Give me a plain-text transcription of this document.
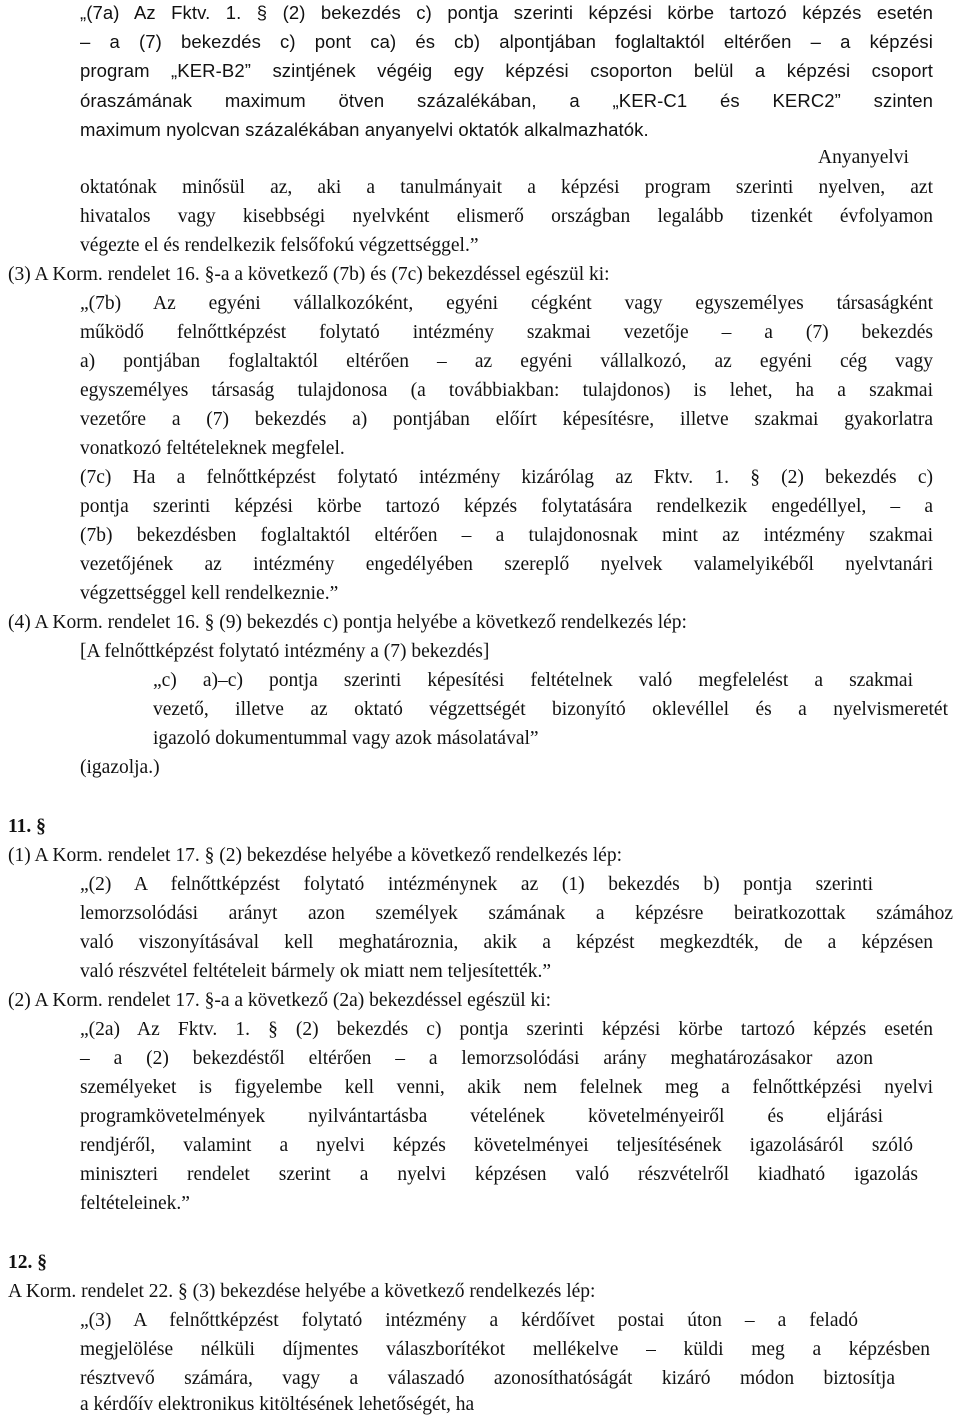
„(7a) Az Fktv. 1. § (2) bekezdés c) pontja szerinti képzési körbe tartozó képzés esetén
– a (7) bekezdés c) pont ca) és cb) alpontjában foglaltaktól eltérően – a képzési
program „KER-B2” szintjének végéig egy képzési csoporton belül a képzési csoport
óraszámának maximum ötven százalékában, a „KER-C1 és KERC2” szinten
maximum nyolcvan százalékában anyanyelvi oktatók alkalmazhatók.
Anyanyelvi
oktatónak minősül az, aki a tanulmányait a képzési program szerinti nyelven, azt
hivatalos vagy kisebbségi nyelvként elismerő országban legalább tizenkét évfolyamon
végezte el és rendelkezik felsőfokú végzettséggel.”
(3) A Korm. rendelet 16. §-a a következő (7b) és (7c) bekezdéssel egészül ki:
„(7b) Az egyéni vállalkozóként, egyéni cégként vagy egyszemélyes társaságként
működő felnőttképzést folytató intézmény szakmai vezetője – a (7) bekezdés
a) pontjában foglaltaktól eltérően – az egyéni vállalkozó, az egyéni cég vagy
egyszemélyes társaság tulajdonosa (a továbbiakban: tulajdonos) is lehet, ha a szakmai
vezetőre a (7) bekezdés a) pontjában előírt képesítésre, illetve szakmai gyakorlatra
vonatkozó feltételeknek megfelel.
(7c) Ha a felnőttképzést folytató intézmény kizárólag az Fktv. 1. § (2) bekezdés c)
pontja szerinti képzési körbe tartozó képzés folytatására rendelkezik engedéllyel, – a
(7b) bekezdésben foglaltaktól eltérően – a tulajdonosnak mint az intézmény szakmai
vezetőjének az intézmény engedélyében szereplő nyelvek valamelyikéből nyelvtanári
végzettséggel kell rendelkeznie.”
(4) A Korm. rendelet 16. § (9) bekezdés c) pontja helyébe a következő rendelkezés lép:
[A felnőttképzést folytató intézmény a (7) bekezdés]
„c) a)–c) pontja szerinti képesítési feltételnek való megfelelést a szakmai
vezető, illetve az oktató végzettségét bizonyító oklevéllel és a nyelvismeretét
igazoló dokumentummal vagy azok másolatával”
(igazolja.)
11. §
(1) A Korm. rendelet 17. § (2) bekezdése helyébe a következő rendelkezés lép:
„(2) A felnőttképzést folytató intézménynek az (1) bekezdés b) pontja szerinti
lemorzsolódási arányt azon személyek számának a képzésre beiratkozottak számához
való viszonyításával kell meghatároznia, akik a képzést megkezdték, de a képzésen
való részvétel feltételeit bármely ok miatt nem teljesítették.”
(2) A Korm. rendelet 17. §-a a következő (2a) bekezdéssel egészül ki:
„(2a) Az Fktv. 1. § (2) bekezdés c) pontja szerinti képzési körbe tartozó képzés esetén
– a (2) bekezdéstől eltérően – a lemorzsolódási arány meghatározásakor azon
személyeket is figyelembe kell venni, akik nem felelnek meg a felnőttképzési nyelvi
programkövetelmények nyilvántartásba vételének követelményeiről és eljárási
rendjéről, valamint a nyelvi képzés követelményei teljesítésének igazolásáról szóló
miniszteri rendelet szerint a nyelvi képzésen való részvételről kiadható igazolás
feltételeinek.”
12. §
A Korm. rendelet 22. § (3) bekezdése helyébe a következő rendelkezés lép:
„(3) A felnőttképzést folytató intézmény a kérdőívet postai úton – a feladó
megjelölése nélküli díjmentes válaszborítékot mellékelve – küldi meg a képzésben
résztvevő számára, vagy a válaszadó azonosíthatóságát kizáró módon biztosítja
a kérdőív elektronikus kitöltésének lehetőségét, ha
